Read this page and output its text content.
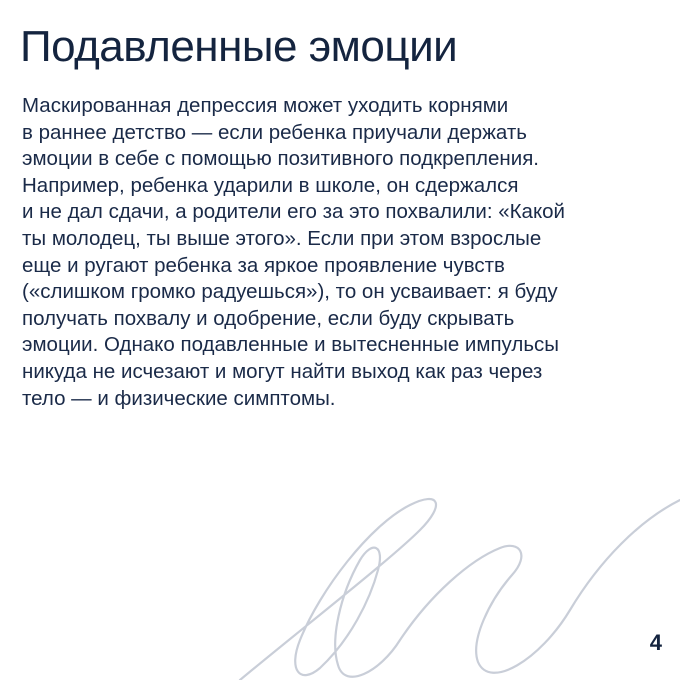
Подавленные эмоции

Маскированная депрессия может уходить корнями
в раннее детство — если ребенка приучали держать
эмоции в себе с помощью позитивного подкрепления.
Например, ребенка ударили в школе, он сдержался
и не дал сдачи, а родители его за это похвалили: «Какой
ты молодец, ты выше этого». Если при этом взрослые
еще и ругают ребенка за яркое проявление чувств
(«слишком громко радуешься»), то он усваивает: я буду
получать похвалу и одобрение, если буду скрывать
эмоции. Однако подавленные и вытесненные импульсы
никуда не исчезают и могут найти выход как раз через
тело — и физические симптомы.

4
